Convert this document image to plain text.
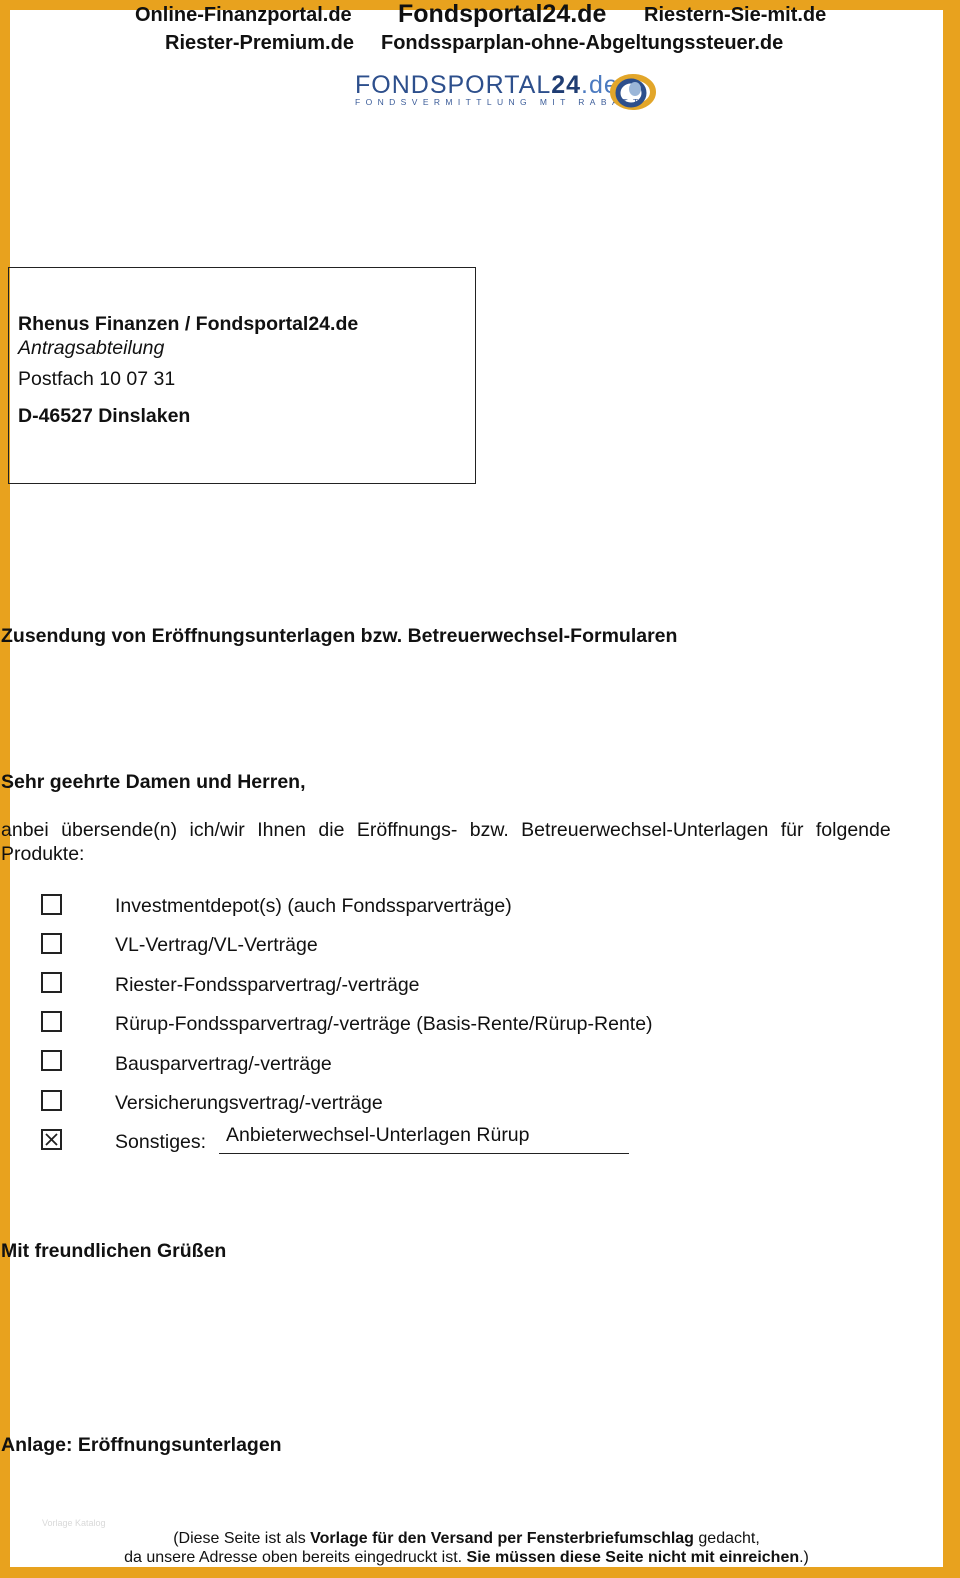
Online-Finanzportal.de Fondsportal24.de Riestern-Sie-mit.de
Riester-Premium.de Fondssparplan-ohne-Abgeltungssteuer.de
FONDSPORTAL24.de
FONDSVERMITTLUNG MIT RABATT
Rhenus Finanzen / Fondsportal24.de
Antragsabteilung
Postfach 10 07 31
D-46527 Dinslaken
Zusendung von Eröffnungsunterlagen bzw. Betreuerwechsel-Formularen
Sehr geehrte Damen und Herren,
anbei übersende(n) ich/wir Ihnen die Eröffnungs- bzw. Betreuerwechsel-Unterlagen für folgende
Produkte:
Investmentdepot(s) (auch Fondssparverträge)
VL-Vertrag/VL-Verträge
Riester-Fondssparvertrag/-verträge
Rürup-Fondssparvertrag/-verträge (Basis-Rente/Rürup-Rente)
Bausparvertrag/-verträge
Versicherungsvertrag/-verträge
Sonstiges: Anbieterwechsel-Unterlagen Rürup
Mit freundlichen Grüßen
Anlage: Eröffnungsunterlagen
Vorlage Katalog
(Diese Seite ist als Vorlage für den Versand per Fensterbriefumschlag gedacht,
da unsere Adresse oben bereits eingedruckt ist. Sie müssen diese Seite nicht mit einreichen.)
